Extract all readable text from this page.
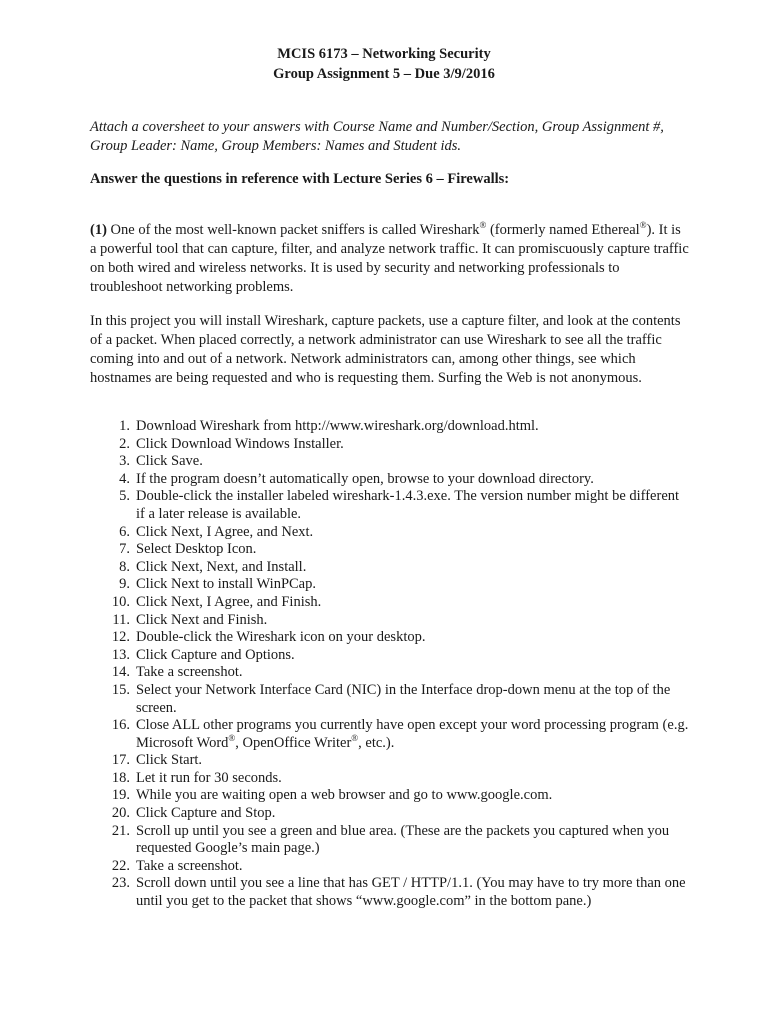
MCIS 6173 – Networking Security
Group Assignment 5 – Due 3/9/2016
Attach a coversheet to your answers with Course Name and Number/Section, Group Assignment #, Group Leader: Name, Group Members: Names and Student ids.
Answer the questions in reference with Lecture Series 6 – Firewalls:
(1) One of the most well-known packet sniffers is called Wireshark® (formerly named Ethereal®). It is a powerful tool that can capture, filter, and analyze network traffic. It can promiscuously capture traffic on both wired and wireless networks. It is used by security and networking professionals to troubleshoot networking problems.
In this project you will install Wireshark, capture packets, use a capture filter, and look at the contents of a packet. When placed correctly, a network administrator can use Wireshark to see all the traffic coming into and out of a network. Network administrators can, among other things, see which hostnames are being requested and who is requesting them. Surfing the Web is not anonymous.
1. Download Wireshark from http://www.wireshark.org/download.html.
2. Click Download Windows Installer.
3. Click Save.
4. If the program doesn’t automatically open, browse to your download directory.
5. Double-click the installer labeled wireshark-1.4.3.exe. The version number might be different if a later release is available.
6. Click Next, I Agree, and Next.
7. Select Desktop Icon.
8. Click Next, Next, and Install.
9. Click Next to install WinPCap.
10. Click Next, I Agree, and Finish.
11. Click Next and Finish.
12. Double-click the Wireshark icon on your desktop.
13. Click Capture and Options.
14. Take a screenshot.
15. Select your Network Interface Card (NIC) in the Interface drop-down menu at the top of the screen.
16. Close ALL other programs you currently have open except your word processing program (e.g. Microsoft Word®, OpenOffice Writer®, etc.).
17. Click Start.
18. Let it run for 30 seconds.
19. While you are waiting open a web browser and go to www.google.com.
20. Click Capture and Stop.
21. Scroll up until you see a green and blue area. (These are the packets you captured when you requested Google’s main page.)
22. Take a screenshot.
23. Scroll down until you see a line that has GET / HTTP/1.1. (You may have to try more than one until you get to the packet that shows “www.google.com” in the bottom pane.)
